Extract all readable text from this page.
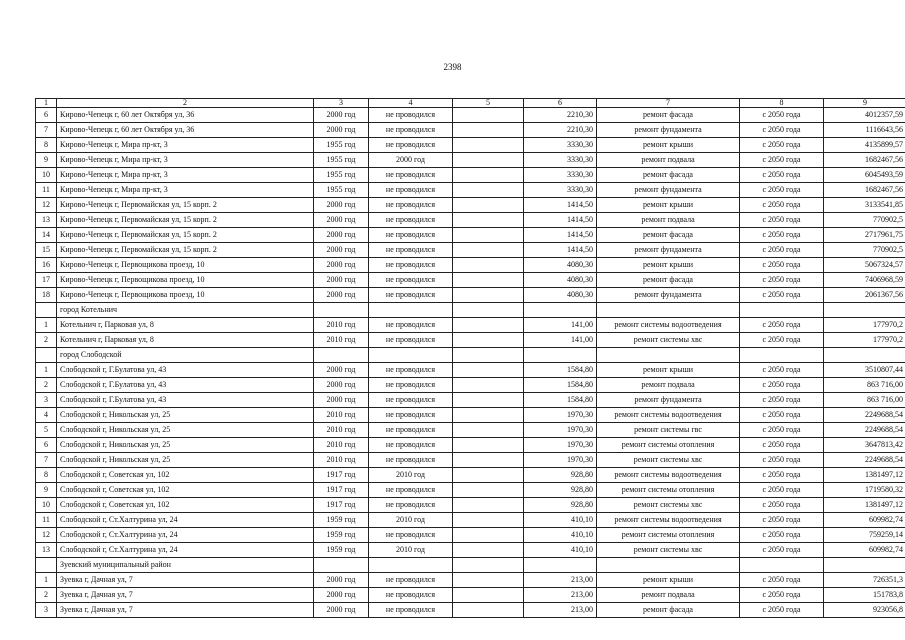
2398
1	2	3	4	5	6	7	8	9
6	Кирово-Чепецк г, 60 лет Октября ул, 36	2000 год	не проводился		2210,30	ремонт фасада	с 2050 года	4012357,59
7	Кирово-Чепецк г, 60 лет Октября ул, 36	2000 год	не проводился		2210,30	ремонт фундамента	с 2050 года	1116643,56
8	Кирово-Чепецк г, Мира пр-кт, 3	1955 год	не проводился		3330,30	ремонт крыши	с 2050 года	4135899,57
9	Кирово-Чепецк г, Мира пр-кт, 3	1955 год	2000 год		3330,30	ремонт подвала	с 2050 года	1682467,56
10	Кирово-Чепецк г, Мира пр-кт, 3	1955 год	не проводился		3330,30	ремонт фасада	с 2050 года	6045493,59
11	Кирово-Чепецк г, Мира пр-кт, 3	1955 год	не проводился		3330,30	ремонт фундамента	с 2050 года	1682467,56
12	Кирово-Чепецк г, Первомайская ул, 15 корп. 2	2000 год	не проводился		1414,50	ремонт крыши	с 2050 года	3133541,85
13	Кирово-Чепецк г, Первомайская ул, 15 корп. 2	2000 год	не проводился		1414,50	ремонт подвала	с 2050 года	770902,5
14	Кирово-Чепецк г, Первомайская ул, 15 корп. 2	2000 год	не проводился		1414,50	ремонт фасада	с 2050 года	2717961,75
15	Кирово-Чепецк г, Первомайская ул, 15 корп. 2	2000 год	не проводился		1414,50	ремонт фундамента	с 2050 года	770902,5
16	Кирово-Чепецк г, Первощикова проезд, 10	2000 год	не проводился		4080,30	ремонт крыши	с 2050 года	5067324,57
17	Кирово-Чепецк г, Первощикова проезд, 10	2000 год	не проводился		4080,30	ремонт фасада	с 2050 года	7406968,59
18	Кирово-Чепецк г, Первощикова проезд, 10	2000 год	не проводился		4080,30	ремонт фундамента	с 2050 года	2061367,56
	город Котельнич							
1	Котельнич г, Парковая ул, 8	2010 год	не проводился		141,00	ремонт системы водоотведения	с 2050 года	177970,2
2	Котельнич г, Парковая ул, 8	2010 год	не проводился		141,00	ремонт системы хвс	с 2050 года	177970,2
	город Слободской							
1	Слободской г, Г.Булатова ул, 43	2000 год	не проводился		1584,80	ремонт крыши	с 2050 года	3510807,44
2	Слободской г, Г.Булатова ул, 43	2000 год	не проводился		1584,80	ремонт подвала	с 2050 года	863 716,00
3	Слободской г, Г.Булатова ул, 43	2000 год	не проводился		1584,80	ремонт фундамента	с 2050 года	863 716,00
4	Слободской г, Никольская ул, 25	2010 год	не проводился		1970,30	ремонт системы водоотведения	с 2050 года	2249688,54
5	Слободской г, Никольская ул, 25	2010 год	не проводился		1970,30	ремонт системы гвс	с 2050 года	2249688,54
6	Слободской г, Никольская ул, 25	2010 год	не проводился		1970,30	ремонт системы отопления	с 2050 года	3647813,42
7	Слободской г, Никольская ул, 25	2010 год	не проводился		1970,30	ремонт системы хвс	с 2050 года	2249688,54
8	Слободской г, Советская ул, 102	1917 год	2010 год		928,80	ремонт системы водоотведения	с 2050 года	1381497,12
9	Слободской г, Советская ул, 102	1917 год	не проводился		928,80	ремонт системы отопления	с 2050 года	1719580,32
10	Слободской г, Советская ул, 102	1917 год	не проводился		928,80	ремонт системы хвс	с 2050 года	1381497,12
11	Слободской г, Ст.Халтурина ул, 24	1959 год	2010 год		410,10	ремонт системы водоотведения	с 2050 года	609982,74
12	Слободской г, Ст.Халтурина ул, 24	1959 год	не проводился		410,10	ремонт системы отопления	с 2050 года	759259,14
13	Слободской г, Ст.Халтурина ул, 24	1959 год	2010 год		410,10	ремонт системы хвс	с 2050 года	609982,74
	Зуевский муниципальный район							
1	Зуевка г, Дачная ул, 7	2000 год	не проводился		213,00	ремонт крыши	с 2050 года	726351,3
2	Зуевка г, Дачная ул, 7	2000 год	не проводился		213,00	ремонт подвала	с 2050 года	151783,8
3	Зуевка г, Дачная ул, 7	2000 год	не проводился		213,00	ремонт фасада	с 2050 года	923056,8
